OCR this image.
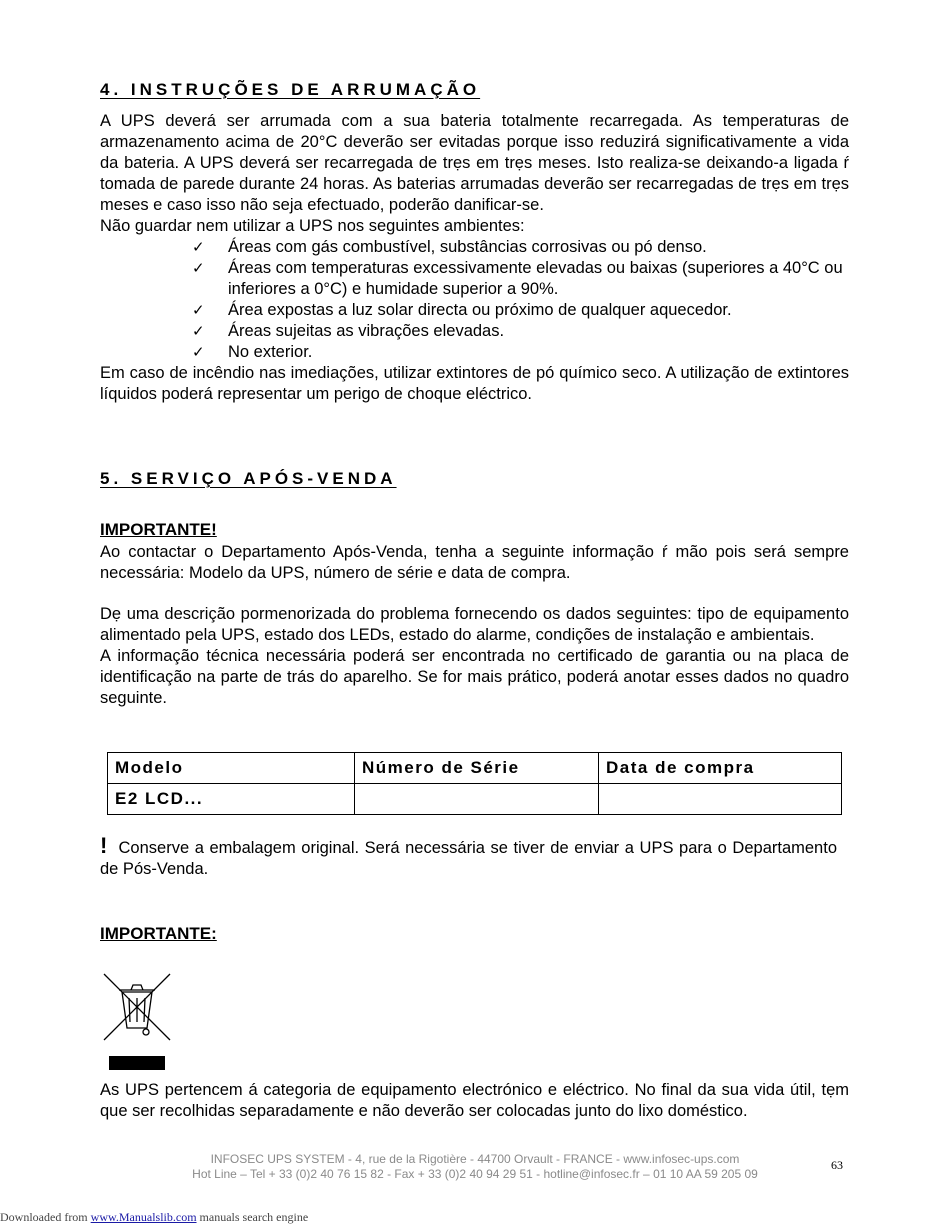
4. INSTRUÇÕES DE ARRUMAÇÃO

A UPS deverá ser arrumada com a sua bateria totalmente recarregada. As temperaturas de armazenamento acima de 20°C deverão ser evitadas porque isso reduzirá significativamente a vida da bateria. A UPS deverá ser recarregada de trẹs em trẹs meses. Isto realiza-se deixando-a ligada ŕ tomada de parede durante 24 horas. As baterias arrumadas deverão ser recarregadas de trẹs em trẹs meses e caso isso não seja efectuado, poderão danificar-se.

Não guardar nem utilizar a UPS nos seguintes ambientes:

✓ Áreas com gás combustível, substâncias corrosivas ou pó denso.
✓ Áreas com temperaturas excessivamente elevadas ou baixas (superiores a 40°C ou inferiores a 0°C) e humidade superior a 90%.
✓ Área expostas a luz solar directa ou próximo de qualquer aquecedor.
✓ Áreas sujeitas as vibrações elevadas.
✓ No exterior.

Em caso de incêndio nas imediações, utilizar extintores de pó químico seco. A utilização de extintores líquidos poderá representar um perigo de choque eléctrico.

5. SERVIÇO APÓS-VENDA
IMPORTANTE!

Ao contactar o Departamento Após-Venda, tenha a seguinte informação ŕ mão pois será sempre necessária: Modelo da UPS, número de série e data de compra.

Dẹ uma descrição pormenorizada do problema fornecendo os dados seguintes: tipo de equipamento alimentado pela UPS, estado dos LEDs, estado do alarme, condições de instalação e ambientais.

A informação técnica necessária poderá ser encontrada no certificado de garantia ou na placa de identificação na parte de trás do aparelho. Se for mais prático, poderá anotar esses dados no quadro seguinte.

Modelo	Número de Série	Data de compra
E2 LCD...		

! Conserve a embalagem original. Será necessária se tiver de enviar a UPS para o Departamento de Pós-Venda.

IMPORTANTE:

As UPS pertencem á categoria de equipamento electrónico e eléctrico. No final da sua vida útil, tẹm que ser recolhidas separadamente e não deverão ser colocadas junto do lixo doméstico.

INFOSEC UPS SYSTEM - 4, rue de la Rigotière - 44700 Orvault - FRANCE - www.infosec-ups.com
Hot Line – Tel + 33 (0)2 40 76 15 82 - Fax + 33 (0)2 40 94 29 51 - hotline@infosec.fr – 01 10 AA 59 205 09
63
Downloaded from www.Manualslib.com manuals search engine
